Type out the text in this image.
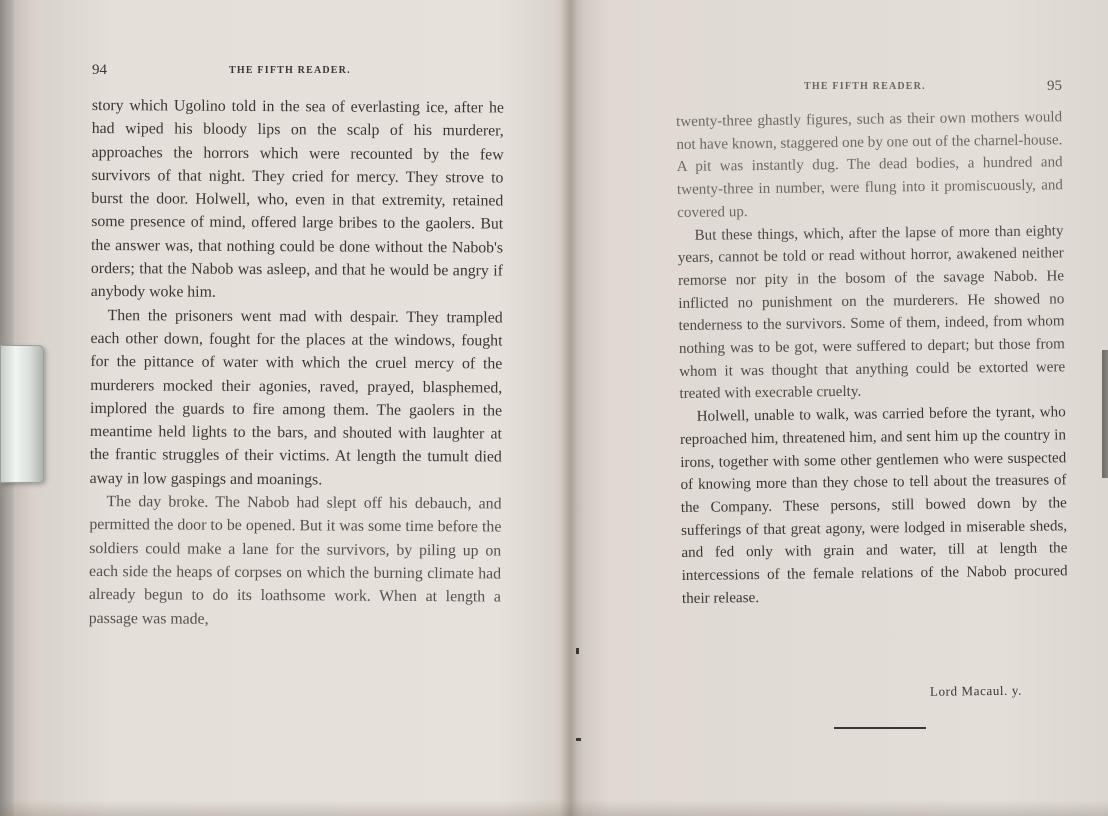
94	THE FIFTH READER.

story which Ugolino told in the sea of everlasting ice, after he had wiped his bloody lips on the scalp of his murderer, approaches the horrors which were recounted by the few survivors of that night. They cried for mercy. They strove to burst the door. Holwell, who, even in that extremity, retained some presence of mind, offered large bribes to the gaolers. But the answer was, that nothing could be done without the Nabob's orders; that the Nabob was asleep, and that he would be angry if anybody woke him.

Then the prisoners went mad with despair. They trampled each other down, fought for the places at the windows, fought for the pittance of water with which the cruel mercy of the murderers mocked their agonies, raved, prayed, blasphemed, implored the guards to fire among them. The gaolers in the meantime held lights to the bars, and shouted with laughter at the frantic struggles of their victims. At length the tumult died away in low gaspings and moanings.

The day broke. The Nabob had slept off his debauch, and permitted the door to be opened. But it was some time before the soldiers could make a lane for the survivors, by piling up on each side the heaps of corpses on which the burning climate had already begun to do its loathsome work. When at length a passage was made,

THE FIFTH READER.	95

twenty-three ghastly figures, such as their own mothers would not have known, staggered one by one out of the charnel-house. A pit was instantly dug. The dead bodies, a hundred and twenty-three in number, were flung into it promiscuously, and covered up.

But these things, which, after the lapse of more than eighty years, cannot be told or read without horror, awakened neither remorse nor pity in the bosom of the savage Nabob. He inflicted no punishment on the murderers. He showed no tenderness to the survivors. Some of them, indeed, from whom nothing was to be got, were suffered to depart; but those from whom it was thought that anything could be extorted were treated with execrable cruelty.

Holwell, unable to walk, was carried before the tyrant, who reproached him, threatened him, and sent him up the country in irons, together with some other gentlemen who were suspected of knowing more than they chose to tell about the treasures of the Company. These persons, still bowed down by the sufferings of that great agony, were lodged in miserable sheds, and fed only with grain and water, till at length the intercessions of the female relations of the Nabob procured their release.

Lord Macaul. y.
